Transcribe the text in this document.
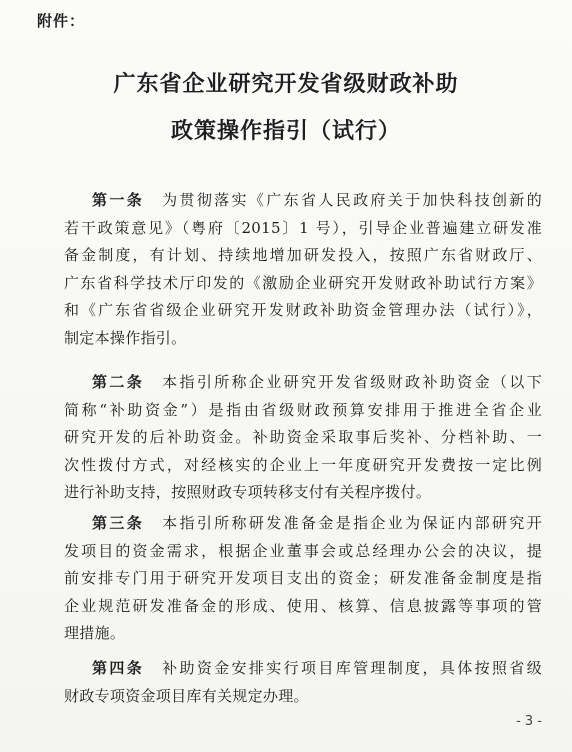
附件：
广东省企业研究开发省级财政补助
政策操作指引（试行）

第一条 为贯彻落实《广东省人民政府关于加快科技创新的
若干政策意见》（粤府〔2015〕1 号），引导企业普遍建立研发准
备金制度，有计划、持续地增加研发投入，按照广东省财政厅、
广东省科学技术厅印发的《激励企业研究开发财政补助试行方案》
和《广东省省级企业研究开发财政补助资金管理办法（试行）》，
制定本操作指引。

第二条 本指引所称企业研究开发省级财政补助资金（以下
简称“补助资金”）是指由省级财政预算安排用于推进全省企业
研究开发的后补助资金。补助资金采取事后奖补、分档补助、一
次性拨付方式，对经核实的企业上一年度研究开发费按一定比例
进行补助支持，按照财政专项转移支付有关程序拨付。

第三条 本指引所称研发准备金是指企业为保证内部研究开
发项目的资金需求，根据企业董事会或总经理办公会的决议，提
前安排专门用于研究开发项目支出的资金；研发准备金制度是指
企业规范研发准备金的形成、使用、核算、信息披露等事项的管
理措施。

第四条 补助资金安排实行项目库管理制度，具体按照省级
财政专项资金项目库有关规定办理。

- 3 -
